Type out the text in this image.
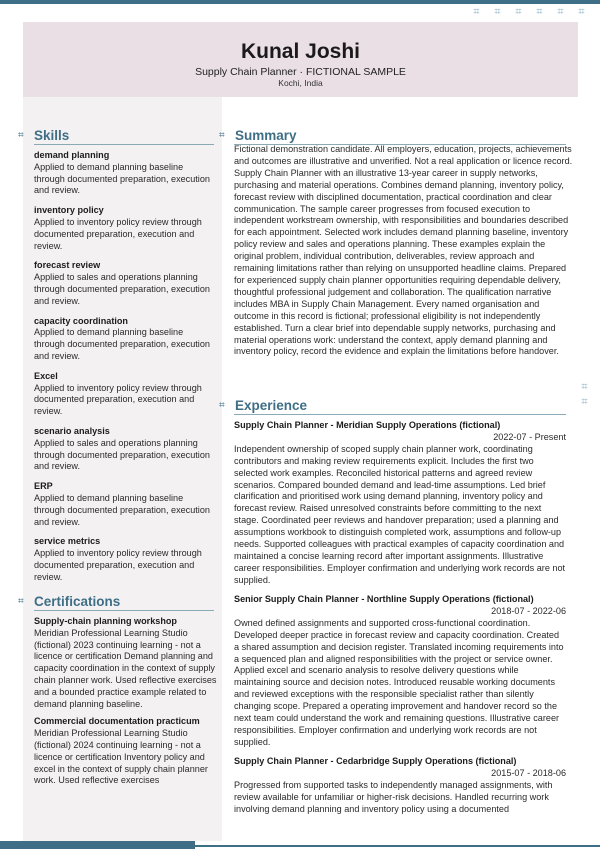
⌗	⌗	⌗	⌗	⌗	⌗
⌗
⌗
Kunal Joshi
Supply Chain Planner · FICTIONAL SAMPLE
Kochi, India
⌗ Skills
demand planning
Applied to demand planning baseline through documented preparation, execution and review.
inventory policy
Applied to inventory policy review through documented preparation, execution and review.
forecast review
Applied to sales and operations planning through documented preparation, execution and review.
capacity coordination
Applied to demand planning baseline through documented preparation, execution and review.
Excel
Applied to inventory policy review through documented preparation, execution and review.
scenario analysis
Applied to sales and operations planning through documented preparation, execution and review.
ERP
Applied to demand planning baseline through documented preparation, execution and review.
service metrics
Applied to inventory policy review through documented preparation, execution and review.
⌗ Certifications
Supply-chain planning workshop
Meridian Professional Learning Studio (fictional) 2023 continuing learning - not a licence or certification Demand planning and capacity coordination in the context of supply chain planner work. Used reflective exercises and a bounded practice example related to demand planning baseline.
Commercial documentation practicum
Meridian Professional Learning Studio (fictional) 2024 continuing learning - not a licence or certification Inventory policy and excel in the context of supply chain planner work. Used reflective exercises
⌗ Summary
Fictional demonstration candidate. All employers, education, projects, achievements and outcomes are illustrative and unverified. Not a real application or licence record. Supply Chain Planner with an illustrative 13-year career in supply networks, purchasing and material operations. Combines demand planning, inventory policy, forecast review with disciplined documentation, practical coordination and clear communication. The sample career progresses from focused execution to independent workstream ownership, with responsibilities and boundaries described for each appointment. Selected work includes demand planning baseline, inventory policy review and sales and operations planning. These examples explain the original problem, individual contribution, deliverables, review approach and remaining limitations rather than relying on unsupported headline claims. Prepared for experienced supply chain planner opportunities requiring dependable delivery, thoughtful professional judgement and collaboration. The qualification narrative includes MBA in Supply Chain Management. Every named organisation and outcome in this record is fictional; professional eligibility is not independently established. Turn a clear brief into dependable supply networks, purchasing and material operations work: understand the context, apply demand planning and inventory policy, record the evidence and explain the limitations before handover.
⌗ Experience
Supply Chain Planner - Meridian Supply Operations (fictional)
2022-07 - Present
Independent ownership of scoped supply chain planner work, coordinating contributors and making review requirements explicit. Includes the first two selected work examples. Reconciled historical patterns and agreed review scenarios. Compared bounded demand and lead-time assumptions. Led brief clarification and prioritised work using demand planning, inventory policy and forecast review. Raised unresolved constraints before committing to the next stage. Coordinated peer reviews and handover preparation; used a planning and assumptions workbook to distinguish completed work, assumptions and follow-up needs. Supported colleagues with practical examples of capacity coordination and maintained a concise learning record after important assignments. Illustrative career responsibilities. Employer confirmation and underlying work records are not supplied.
Senior Supply Chain Planner - Northline Supply Operations (fictional)
2018-07 - 2022-06
Owned defined assignments and supported cross-functional coordination. Developed deeper practice in forecast review and capacity coordination. Created a shared assumption and decision register. Translated incoming requirements into a sequenced plan and aligned responsibilities with the project or service owner. Applied excel and scenario analysis to resolve delivery questions while maintaining source and decision notes. Introduced reusable working documents and reviewed exceptions with the responsible specialist rather than silently changing scope. Prepared a operating improvement and handover record so the next team could understand the work and remaining questions. Illustrative career responsibilities. Employer confirmation and underlying work records are not supplied.
Supply Chain Planner - Cedarbridge Supply Operations (fictional)
2015-07 - 2018-06
Progressed from supported tasks to independently managed assignments, with review available for unfamiliar or higher-risk decisions. Handled recurring work involving demand planning and inventory policy using a documented
